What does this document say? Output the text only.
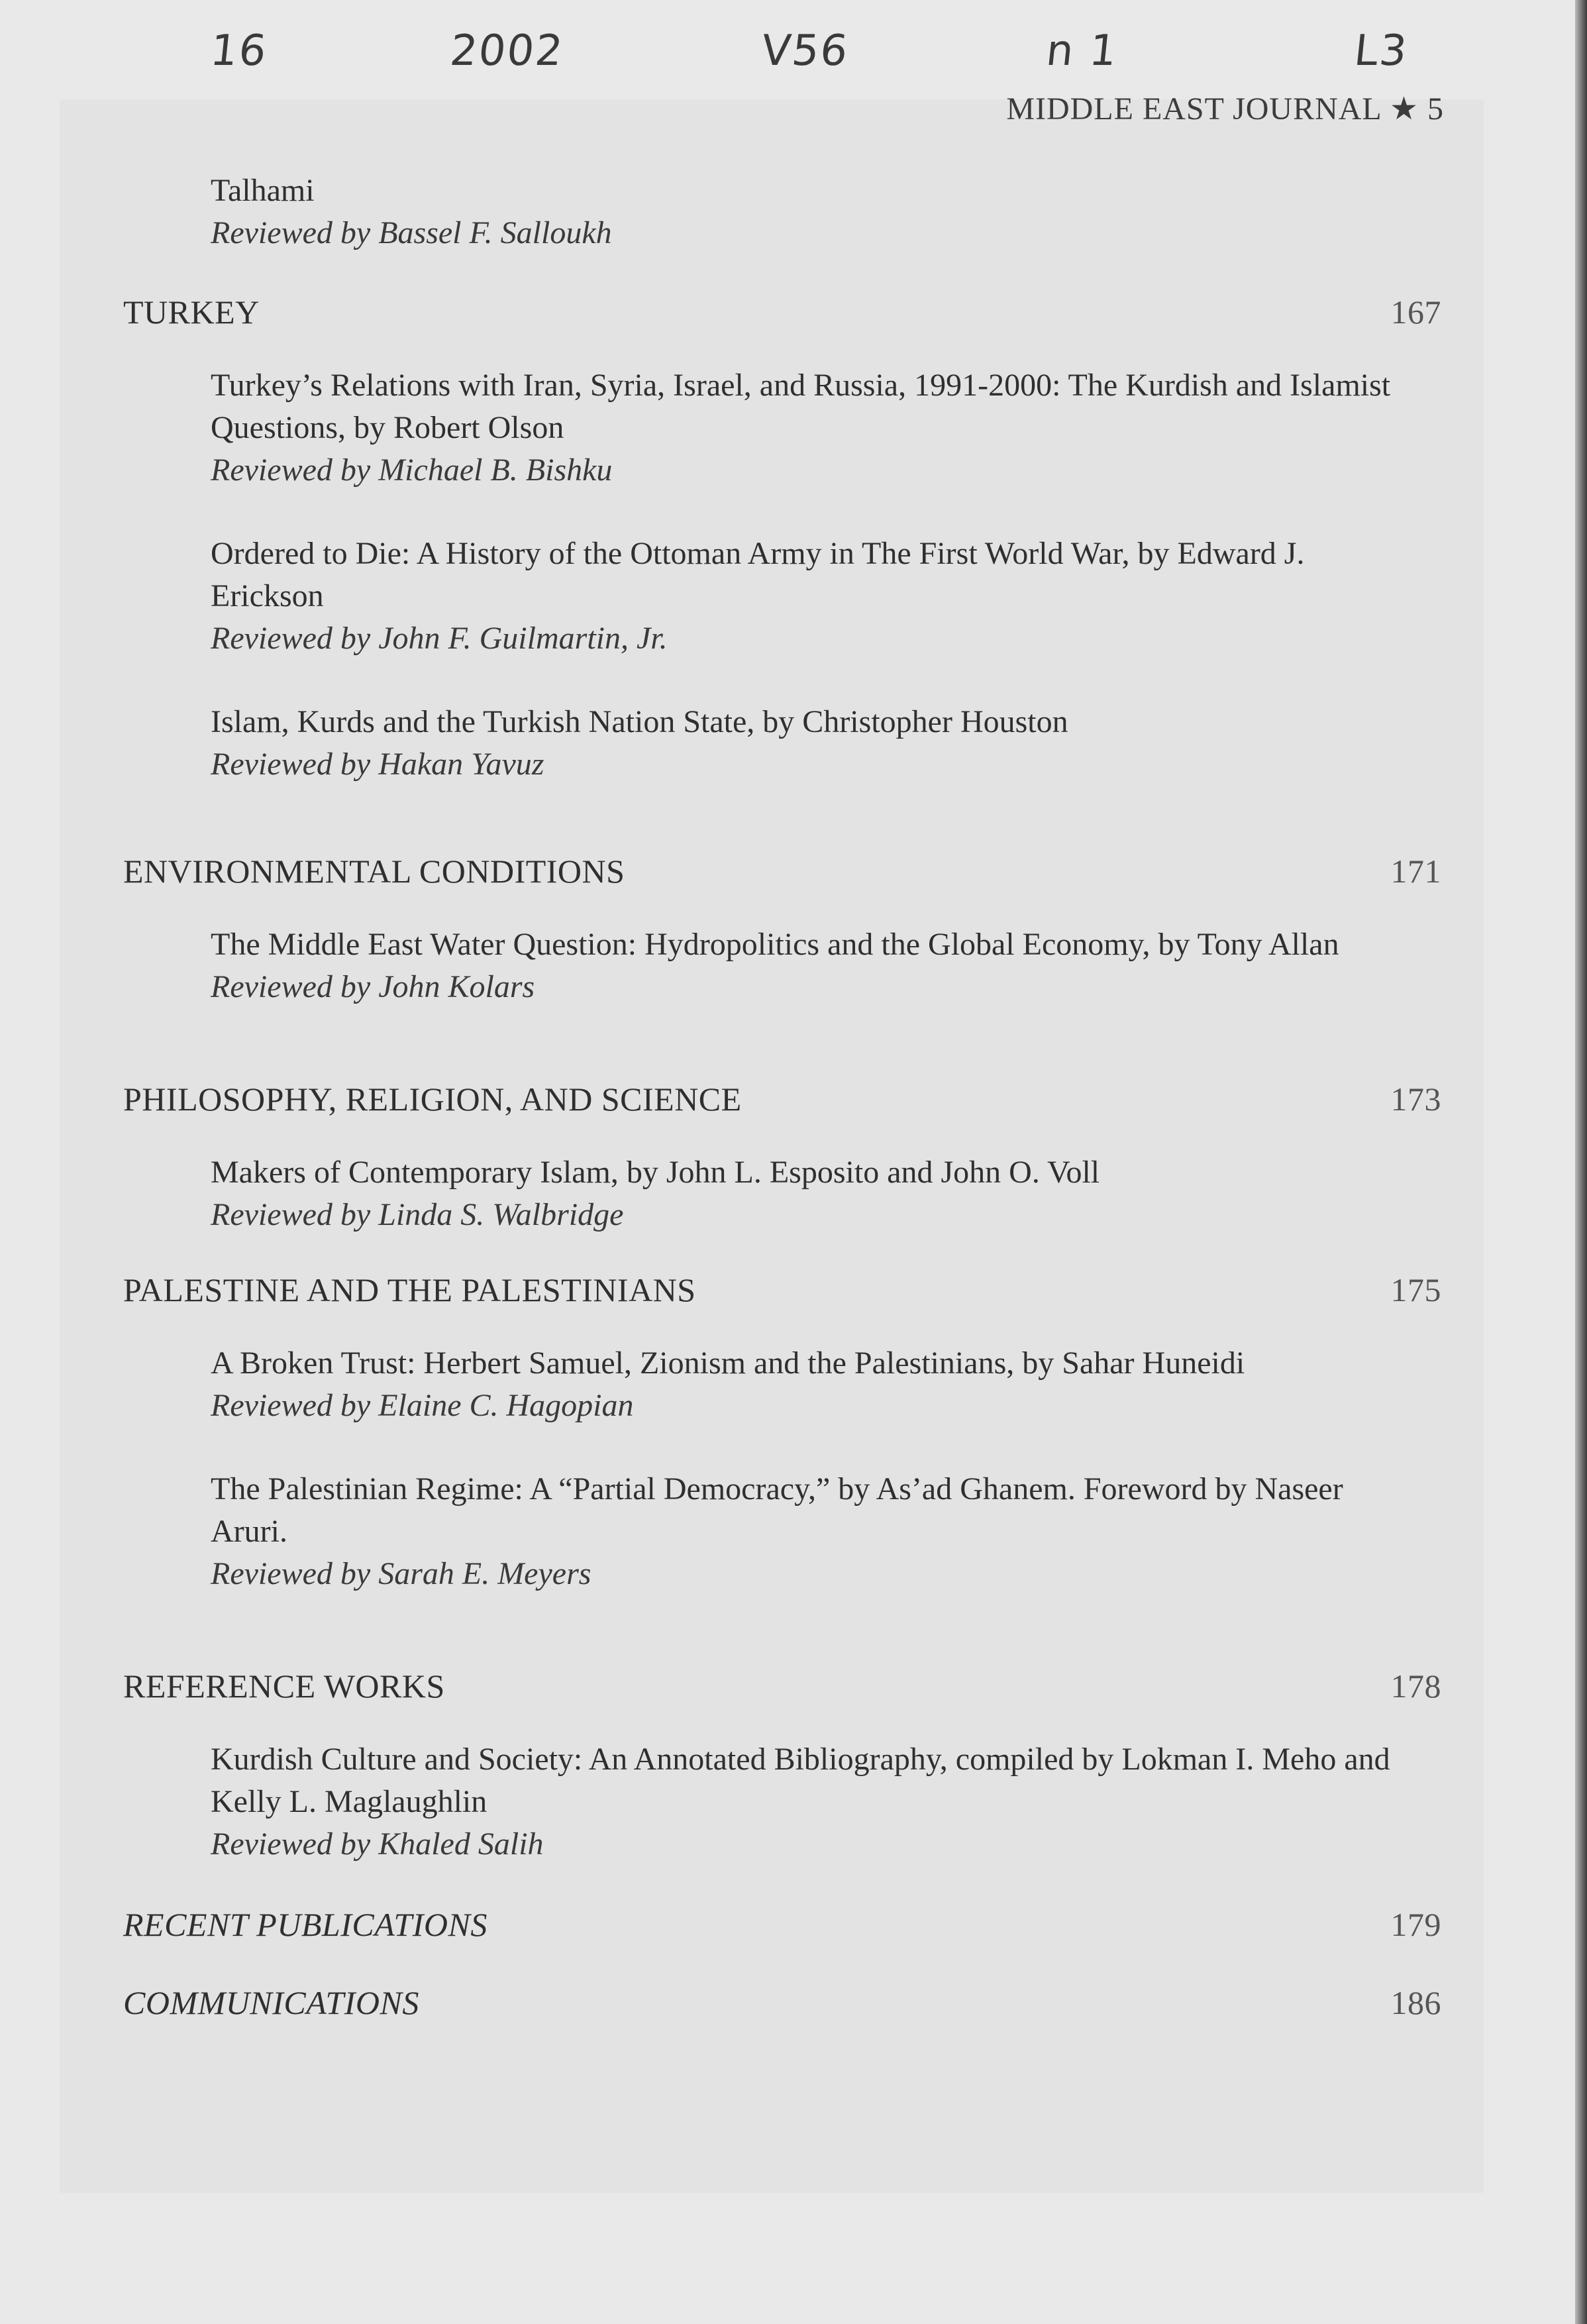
16	2002	V56	n 1	L3
MIDDLE EAST JOURNAL ★ 5
Talhami
Reviewed by Bassel F. Salloukh
TURKEY	167
Turkey’s Relations with Iran, Syria, Israel, and Russia, 1991-2000: The Kurdish and Islamist Questions, by Robert Olson
Reviewed by Michael B. Bishku
Ordered to Die: A History of the Ottoman Army in The First World War, by Edward J. Erickson
Reviewed by John F. Guilmartin, Jr.
Islam, Kurds and the Turkish Nation State, by Christopher Houston
Reviewed by Hakan Yavuz
ENVIRONMENTAL CONDITIONS	171
The Middle East Water Question: Hydropolitics and the Global Economy, by Tony Allan
Reviewed by John Kolars
PHILOSOPHY, RELIGION, AND SCIENCE	173
Makers of Contemporary Islam, by John L. Esposito and John O. Voll
Reviewed by Linda S. Walbridge
PALESTINE AND THE PALESTINIANS	175
A Broken Trust: Herbert Samuel, Zionism and the Palestinians, by Sahar Huneidi
Reviewed by Elaine C. Hagopian
The Palestinian Regime: A “Partial Democracy,” by As’ad Ghanem. Foreword by Naseer Aruri.
Reviewed by Sarah E. Meyers
REFERENCE WORKS	178
Kurdish Culture and Society: An Annotated Bibliography, compiled by Lokman I. Meho and Kelly L. Maglaughlin
Reviewed by Khaled Salih
RECENT PUBLICATIONS	179
COMMUNICATIONS	186
